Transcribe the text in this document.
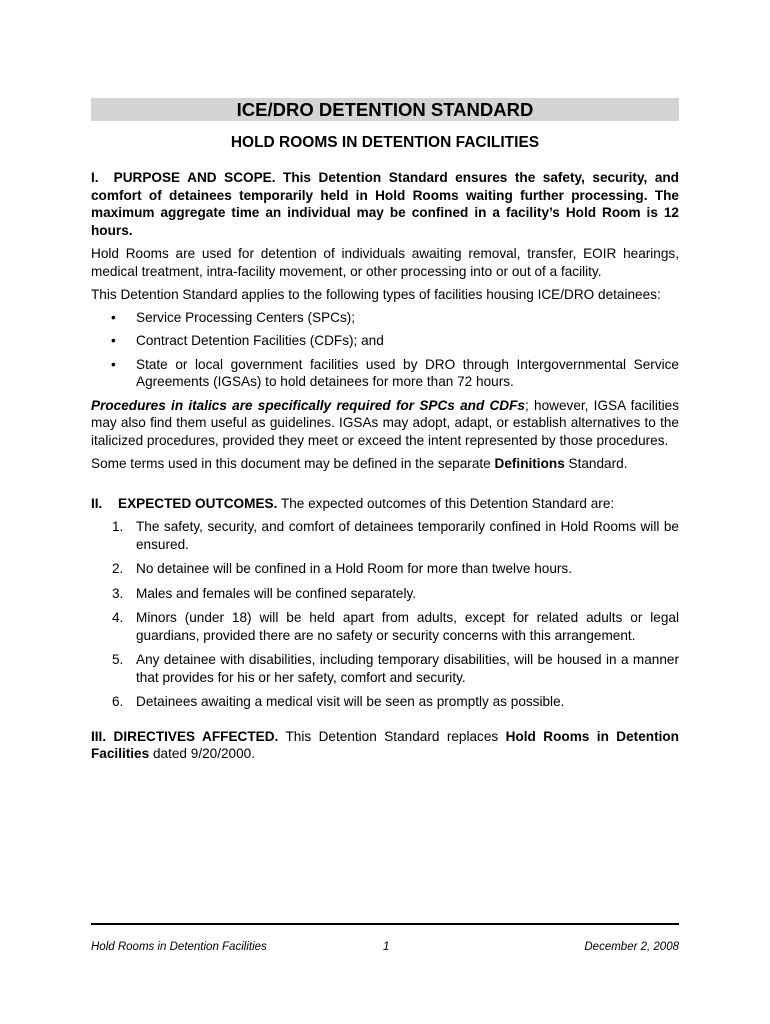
ICE/DRO DETENTION STANDARD
HOLD ROOMS IN DETENTION FACILITIES

I. PURPOSE AND SCOPE. This Detention Standard ensures the safety, security, and comfort of detainees temporarily held in Hold Rooms waiting further processing. The maximum aggregate time an individual may be confined in a facility’s Hold Room is 12 hours.

Hold Rooms are used for detention of individuals awaiting removal, transfer, EOIR hearings, medical treatment, intra-facility movement, or other processing into or out of a facility.

This Detention Standard applies to the following types of facilities housing ICE/DRO detainees:

• Service Processing Centers (SPCs);
• Contract Detention Facilities (CDFs); and
• State or local government facilities used by DRO through Intergovernmental Service Agreements (IGSAs) to hold detainees for more than 72 hours.

Procedures in italics are specifically required for SPCs and CDFs; however, IGSA facilities may also find them useful as guidelines. IGSAs may adopt, adapt, or establish alternatives to the italicized procedures, provided they meet or exceed the intent represented by those procedures.

Some terms used in this document may be defined in the separate Definitions Standard.

II. EXPECTED OUTCOMES. The expected outcomes of this Detention Standard are:

1. The safety, security, and comfort of detainees temporarily confined in Hold Rooms will be ensured.
2. No detainee will be confined in a Hold Room for more than twelve hours.
3. Males and females will be confined separately.
4. Minors (under 18) will be held apart from adults, except for related adults or legal guardians, provided there are no safety or security concerns with this arrangement.
5. Any detainee with disabilities, including temporary disabilities, will be housed in a manner that provides for his or her safety, comfort and security.
6. Detainees awaiting a medical visit will be seen as promptly as possible.

III. DIRECTIVES AFFECTED. This Detention Standard replaces Hold Rooms in Detention Facilities dated 9/20/2000.

Hold Rooms in Detention Facilities	1	December 2, 2008
